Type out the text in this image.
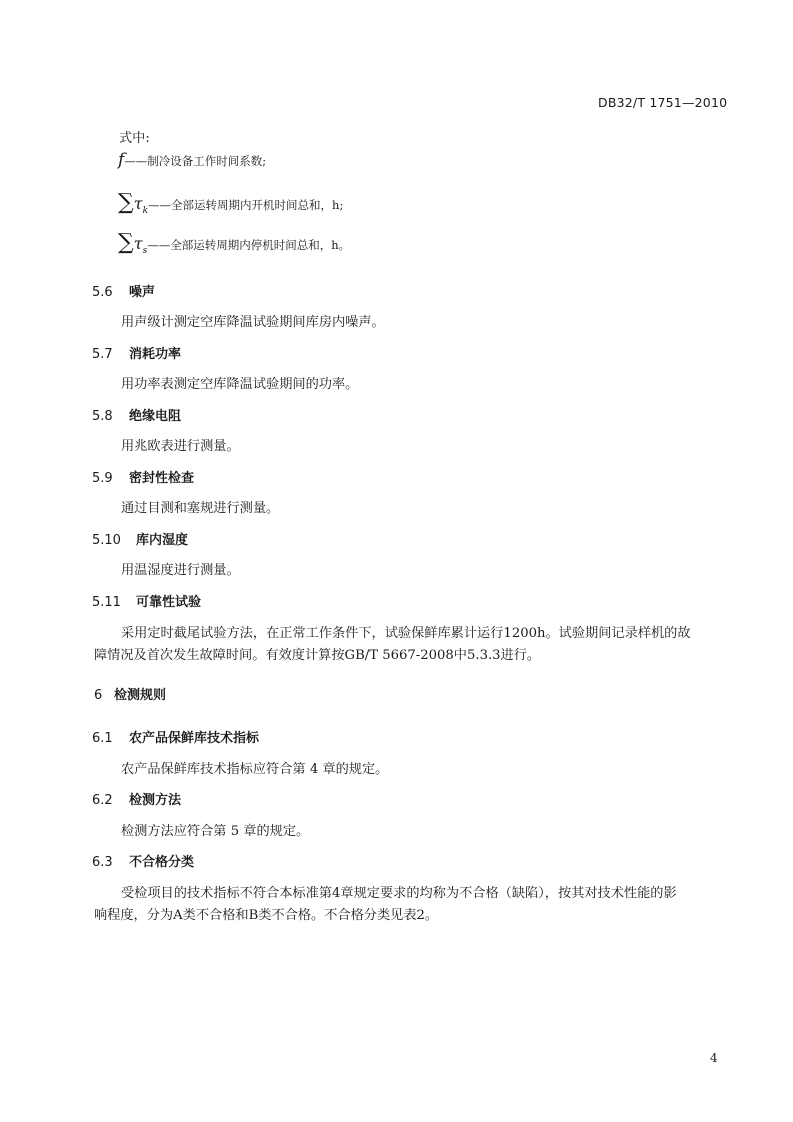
DB32/T 1751—2010
式中:
f——制冷设备工作时间系数;
$\sum\tau_k——$全部运转周期内开机时间总和，h;
$\sum\tau_s——$全部运转周期内停机时间总和，h。
5.6 噪声
用声级计测定空库降温试验期间库房内噪声。
5.7 消耗功率
用功率表测定空库降温试验期间的功率。
5.8 绝缘电阻
用兆欧表进行测量。
5.9 密封性检查
通过目测和塞规进行测量。
5.10 库内湿度
用温湿度进行测量。
5.11 可靠性试验
采用定时截尾试验方法，在正常工作条件下，试验保鲜库累计运行1200h。试验期间记录样机的故
障情况及首次发生故障时间。有效度计算按GB/T 5667-2008中5.3.3进行。
6 检测规则
6.1 农产品保鲜库技术指标
农产品保鲜库技术指标应符合第 4 章的规定。
6.2 检测方法
检测方法应符合第 5 章的规定。
6.3 不合格分类
受检项目的技术指标不符合本标准第4章规定要求的均称为不合格（缺陷），按其对技术性能的影
响程度，分为A类不合格和B类不合格。不合格分类见表2。
4
